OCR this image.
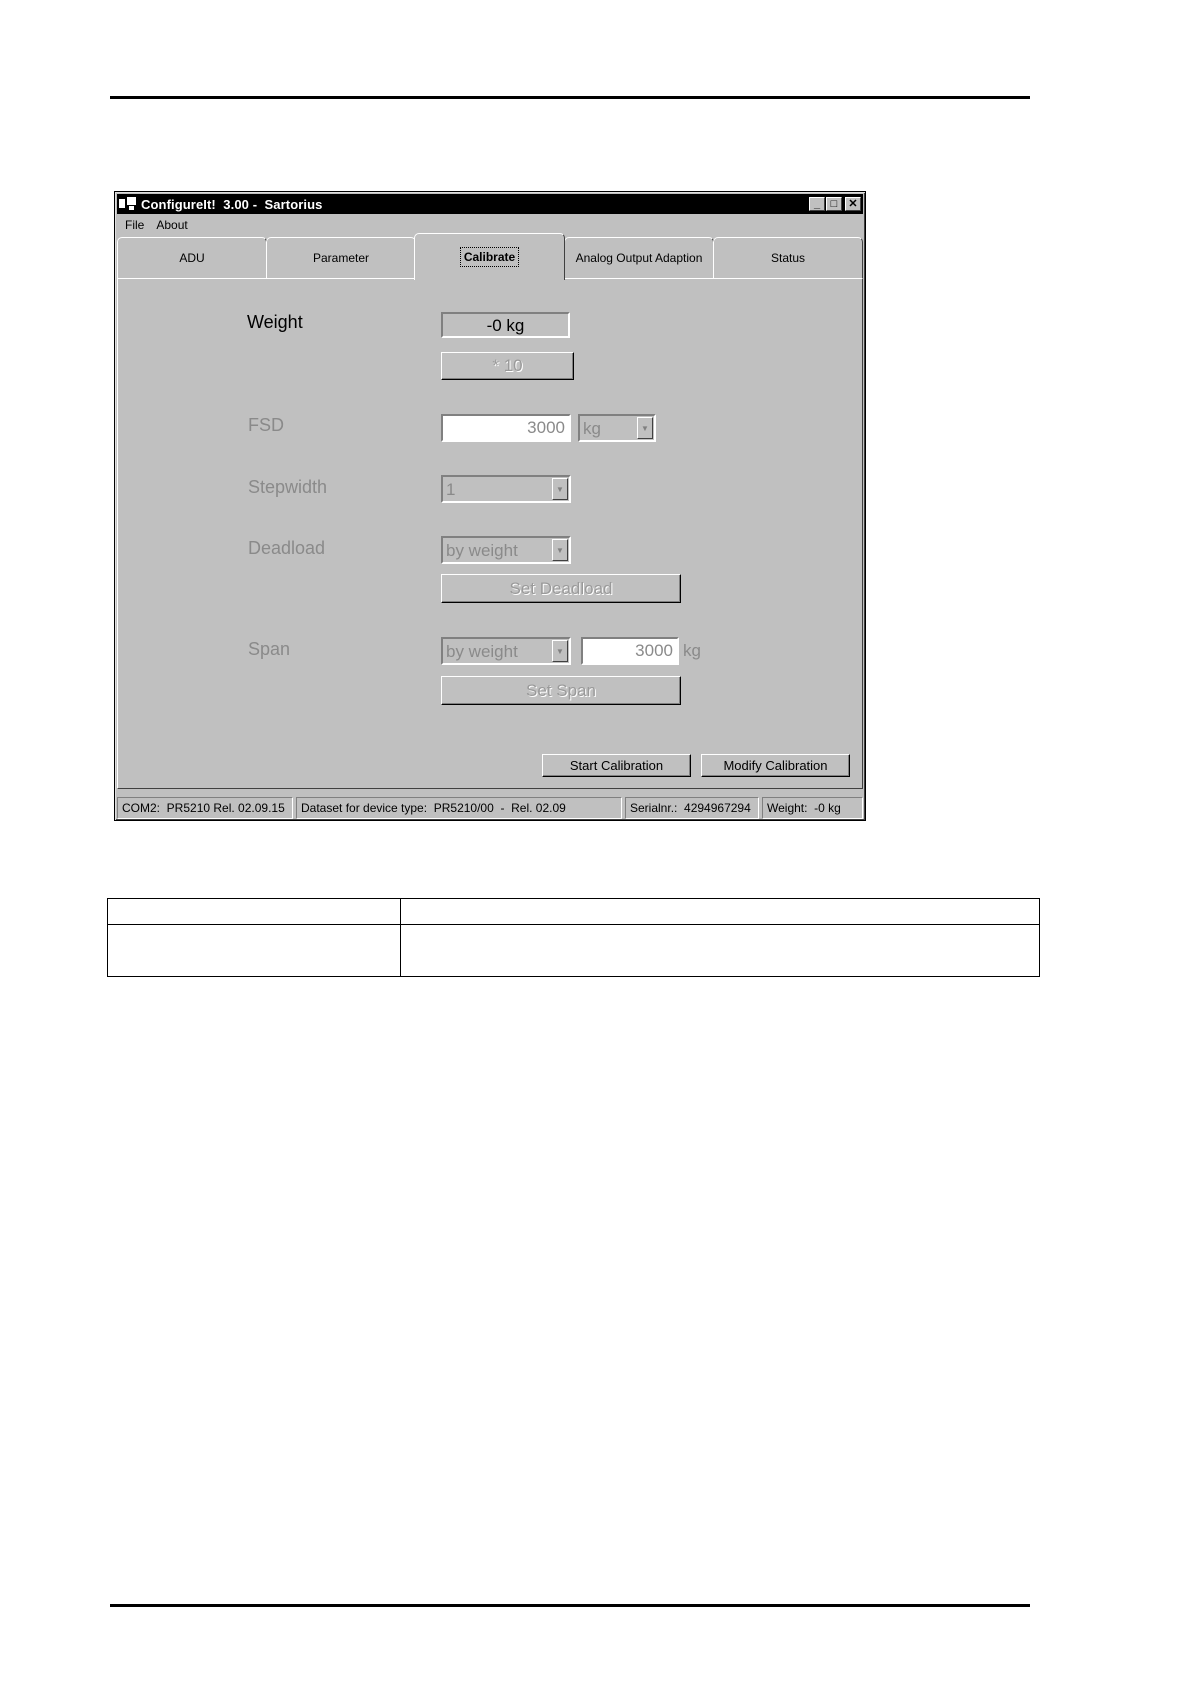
ConfigureIt!  3.00 -  Sartorius	_ □	✕
File	About
ADU	Parameter	Calibrate	Analog Output Adaption	Status
Weight	-0 kg
* 10
FSD	3000	kg	▼
Stepwidth	1	▼
Deadload	by weight	▼
Set Deadload
Span	by weight	▼	3000 kg
Set Span
Start Calibration	Modify Calibration
COM2:  PR5210 Rel. 02.09.15	Dataset for device type:  PR5210/00  -  Rel. 02.09	Serialnr.:  4294967294	Weight:  -0 kg
